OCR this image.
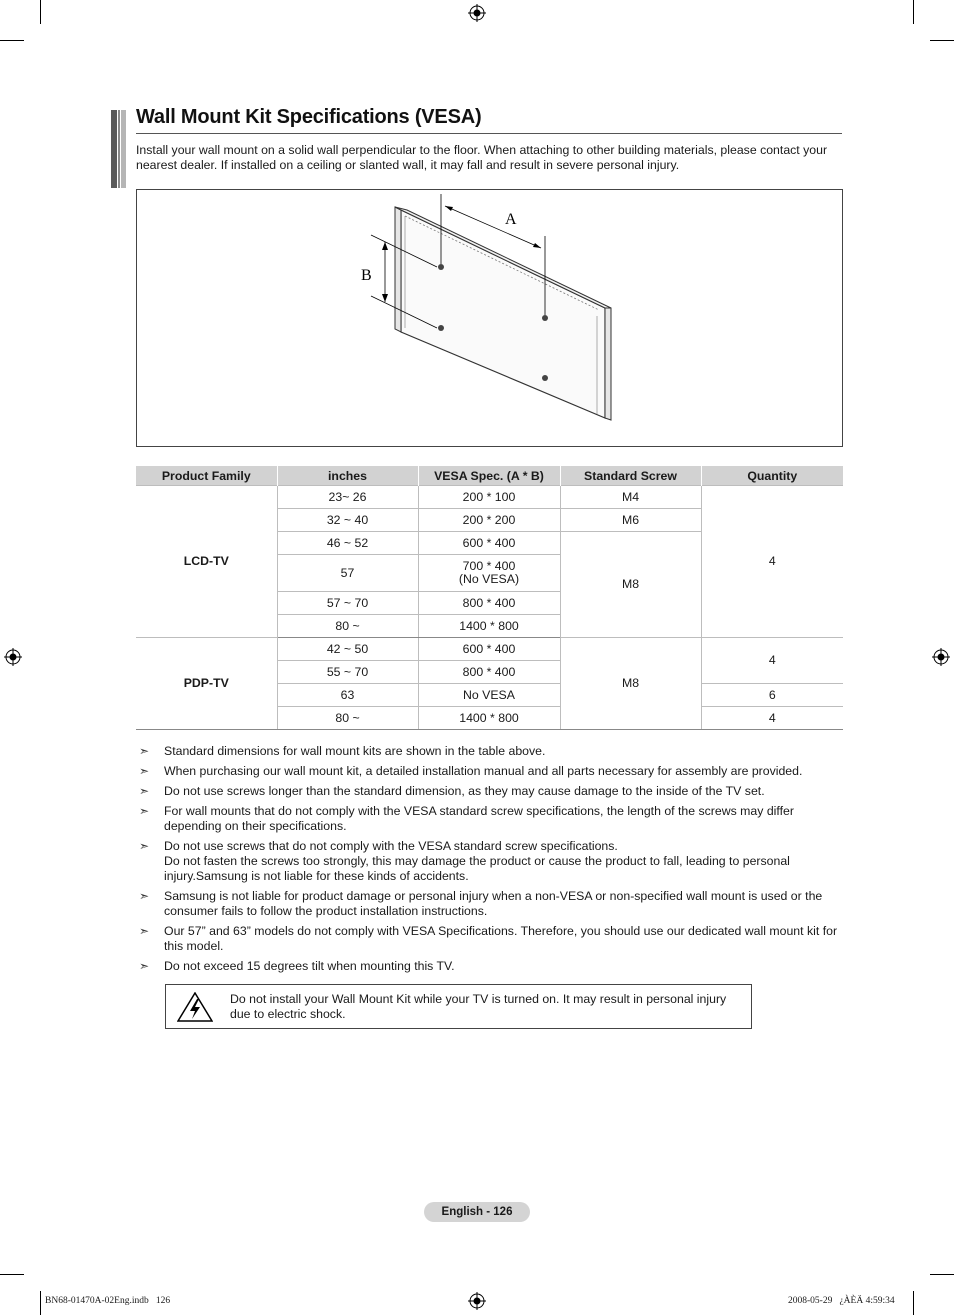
Wall Mount Kit Specifications (VESA)

Install your wall mount on a solid wall perpendicular to the floor. When attaching to other building materials, please contact your nearest dealer. If installed on a ceiling or slanted wall, it may fall and result in severe personal injury.

A
B
Product Family	inches	VESA Spec. (A * B)	Standard Screw	Quantity
LCD-TV	23~ 26	200 * 100	M4	4
	32 ~ 40	200 * 200	M6	
	46 ~ 52	600 * 400	M8	
	57	700 * 400
(No VESA)		
	57 ~ 70	800 * 400		
	80 ~	1400 * 800		
PDP-TV	42 ~ 50	600 * 400	M8	4
	55 ~ 70	800 * 400		
	63	No VESA		6
	80 ~	1400 * 800		4
➣ Standard dimensions for wall mount kits are shown in the table above.
➣ When purchasing our wall mount kit, a detailed installation manual and all parts necessary for assembly are provided.
➣ Do not use screws longer than the standard dimension, as they may cause damage to the inside of the TV set.
➣ For wall mounts that do not comply with the VESA standard screw specifications, the length of the screws may differ depending on their specifications.
➣ Do not use screws that do not comply with the VESA standard screw specifications.
Do not fasten the screws too strongly, this may damage the product or cause the product to fall, leading to personal injury.Samsung is not liable for these kinds of accidents.
➣ Samsung is not liable for product damage or personal injury when a non-VESA or non-specified wall mount is used or the consumer fails to follow the product installation instructions.
➣ Our 57” and 63” models do not comply with VESA Specifications. Therefore, you should use our dedicated wall mount kit for this model.
➣ Do not exceed 15 degrees tilt when mounting this TV.

Do not install your Wall Mount Kit while your TV is turned on. It may result in personal injury due to electric shock.

English - 126
BN68-01470A-02Eng.indb   126	2008-05-29   ¿ÀÈÄ 4:59:34
